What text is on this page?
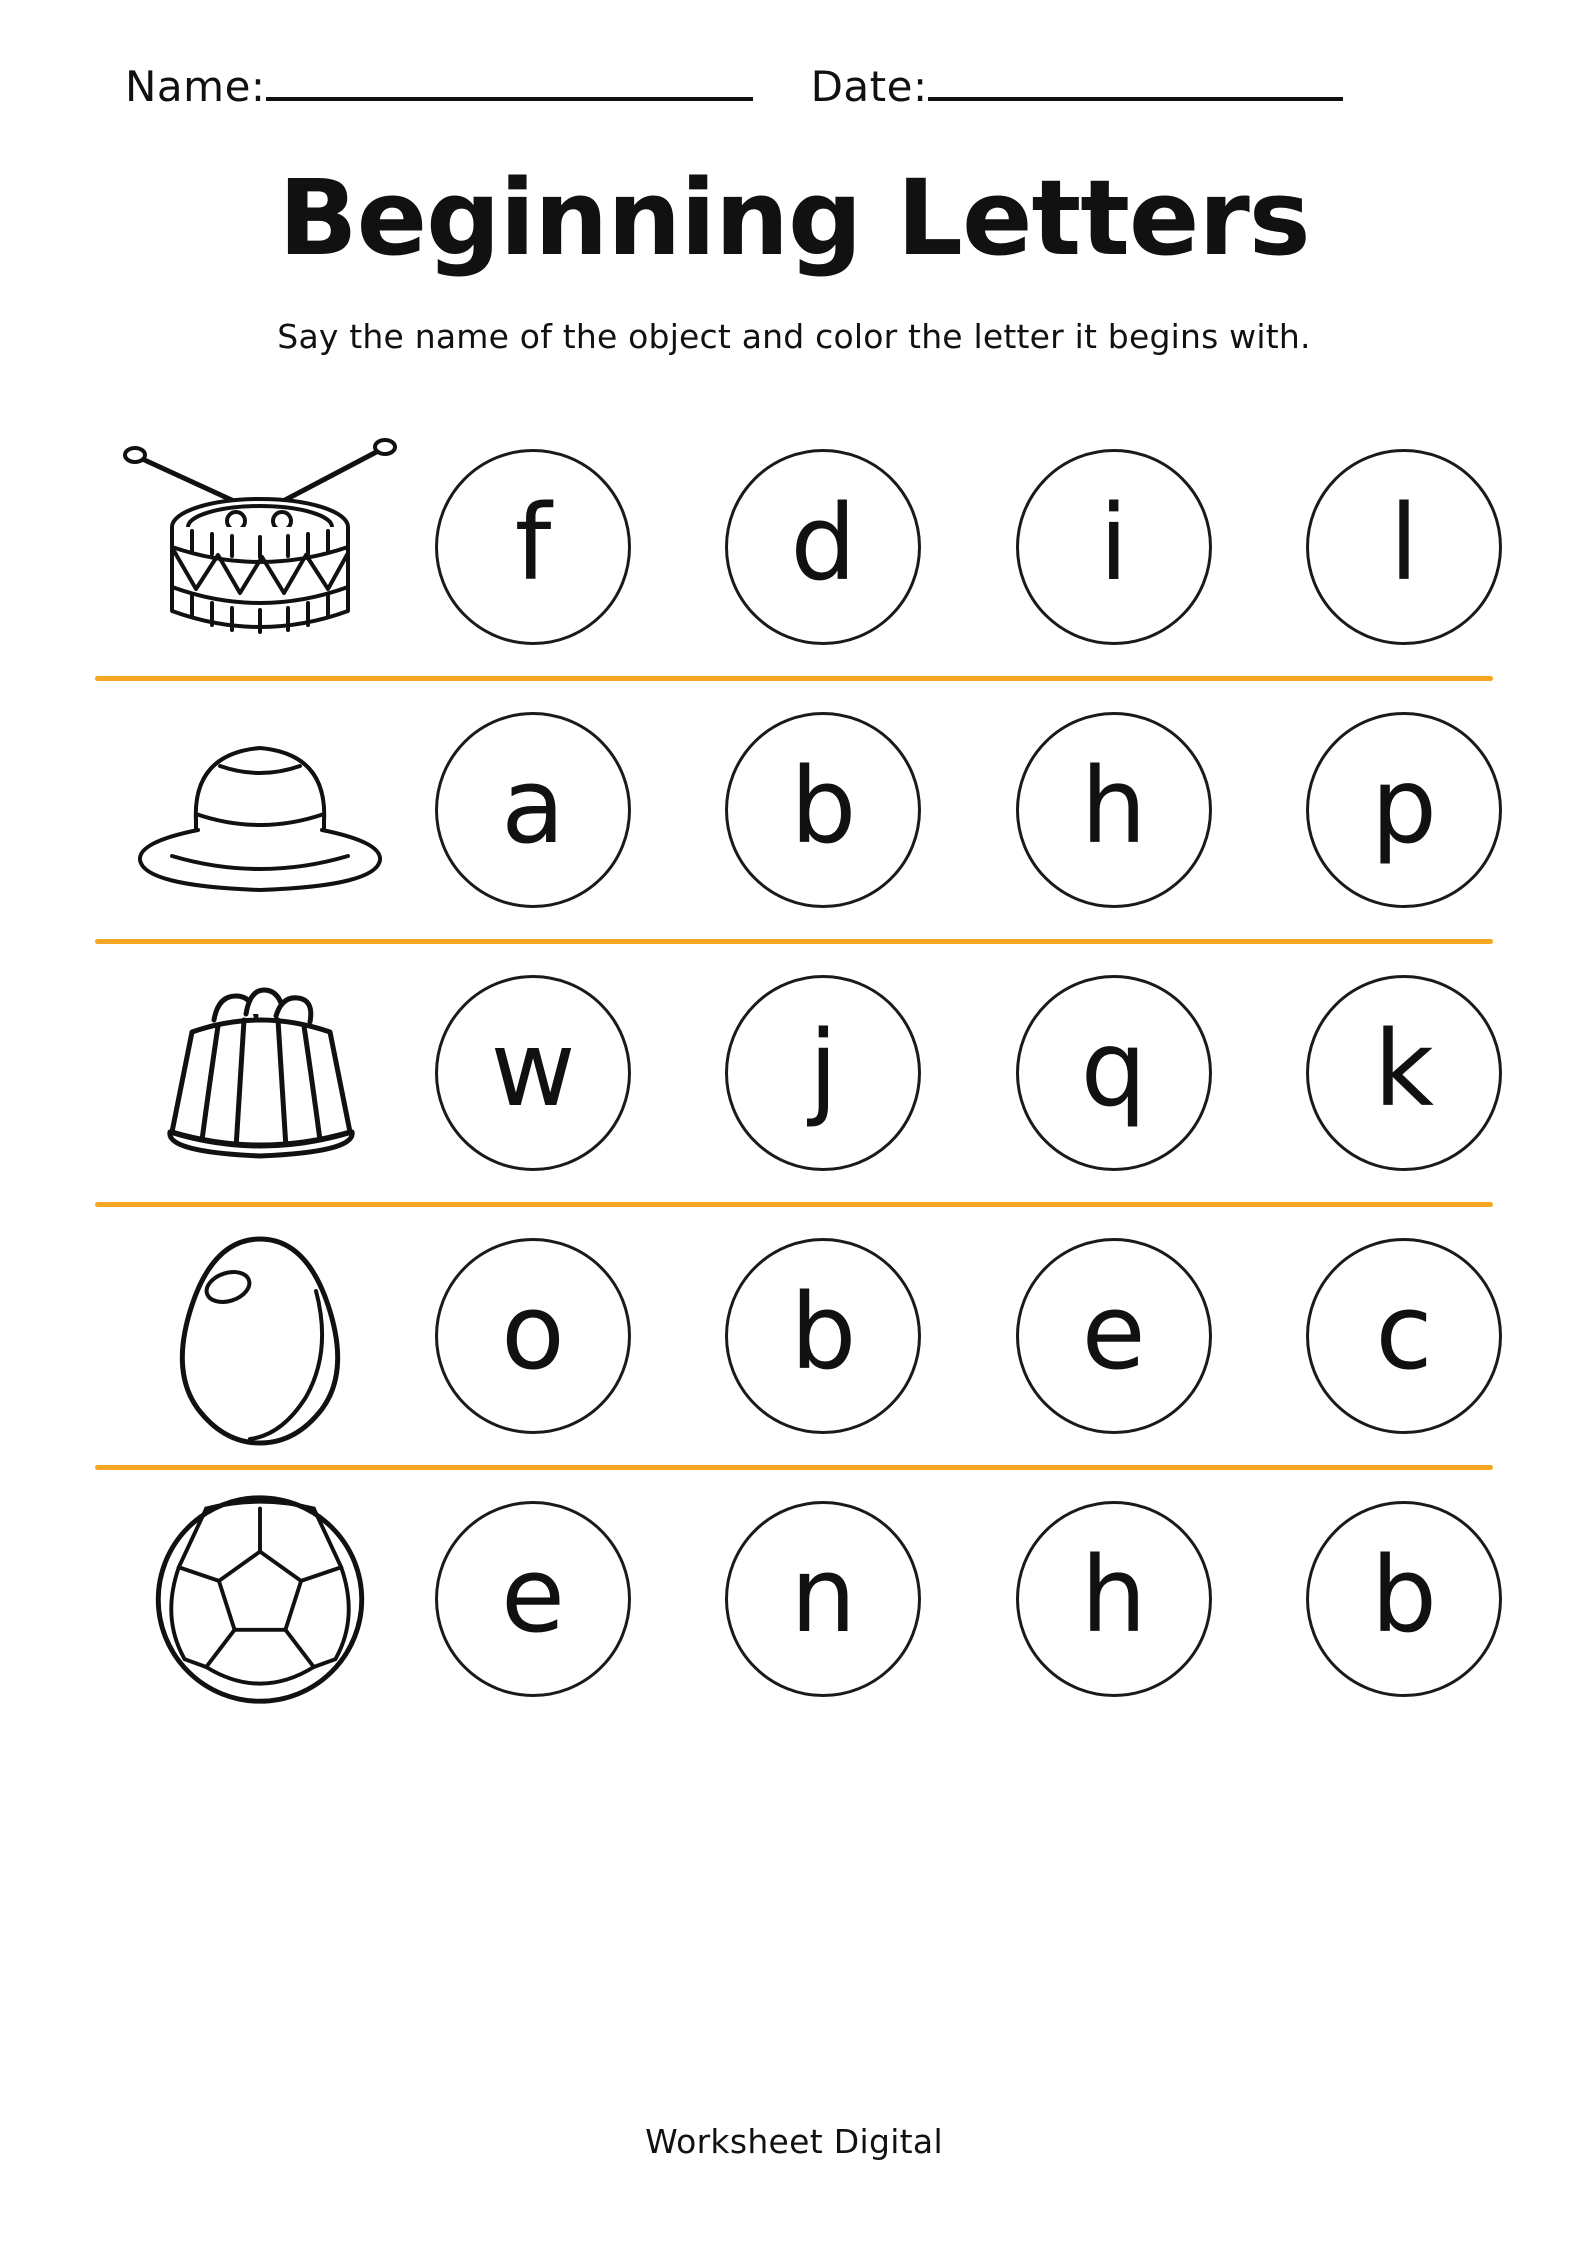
Name:	Date:
Beginning Letters

Say the name of the object and color the letter it begins with.

f d i	l
a b h p
w j q k
o b e c
e n h b
Worksheet Digital
